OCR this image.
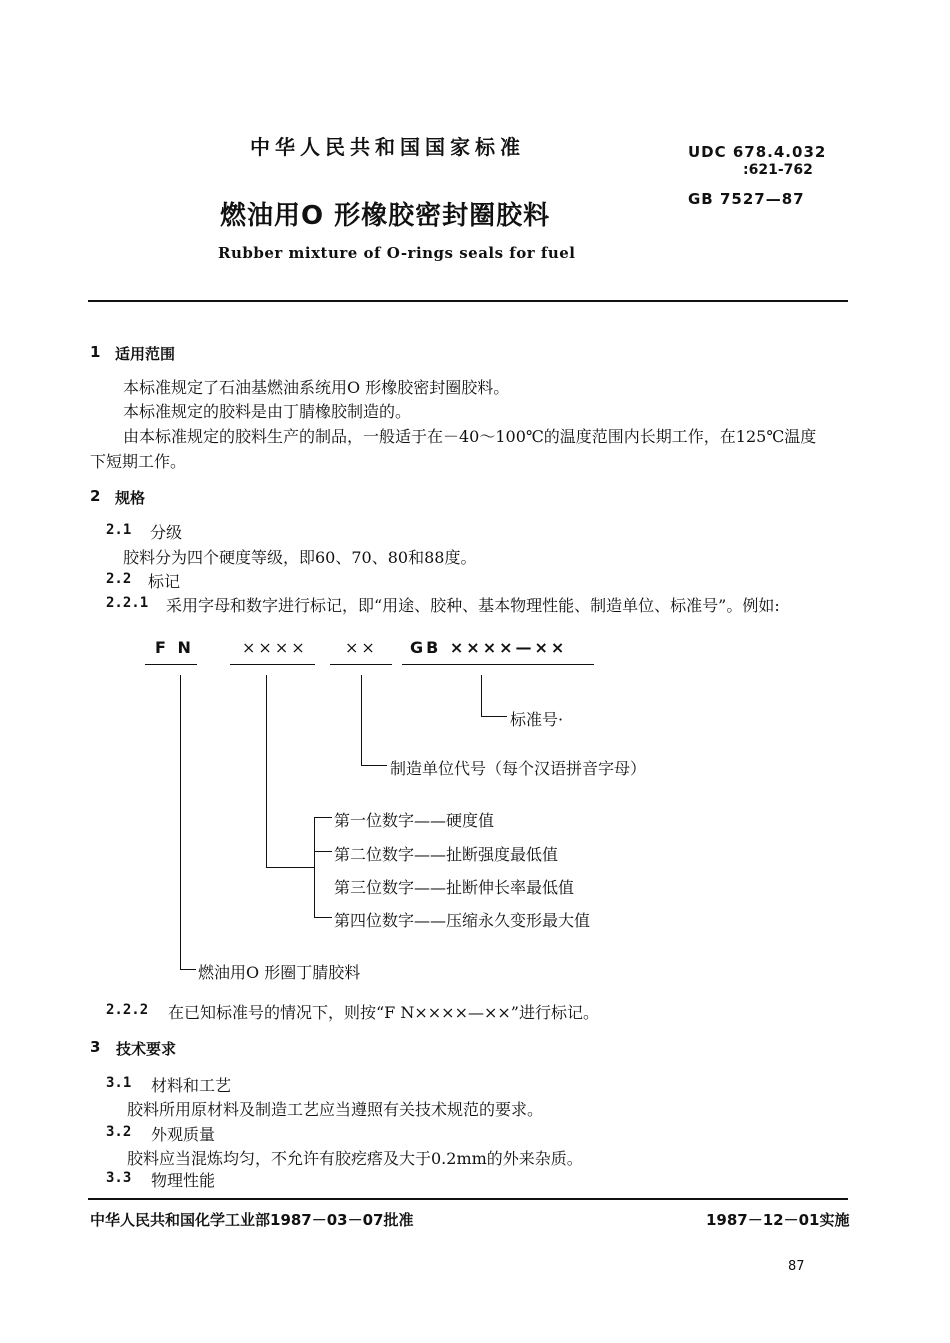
中华人民共和国国家标准	UDC 678.4.032
:621-762
GB 7527—87
燃油用O 形橡胶密封圈胶料
Rubber mixture of O-rings seals for fuel
1 适用范围
本标准规定了石油基燃油系统用O 形橡胶密封圈胶料。
本标准规定的胶料是由丁腈橡胶制造的。
由本标准规定的胶料生产的制品，一般适于在－40～100℃的温度范围内长期工作，在125℃温度
下短期工作。
2 规格
2.1 分级
胶料分为四个硬度等级，即60、70、80和88度。
2.2 标记
2.2.1 采用字母和数字进行标记，即“用途、胶种、基本物理性能、制造单位、标准号”。例如:
F N	×××× ×× GB ××××—××
标准号·
制造单位代号（每个汉语拼音字母）
第一位数字——硬度值
第二位数字——扯断强度最低值
第三位数字——扯断伸长率最低值
第四位数字——压缩永久变形最大值
燃油用O 形圈丁腈胶料
2.2.2 在已知标准号的情况下，则按“F N××××—××”进行标记。
3 技术要求
3.1 材料和工艺
胶料所用原材料及制造工艺应当遵照有关技术规范的要求。
3.2 外观质量
胶料应当混炼均匀，不允许有胶疙瘩及大于0.2mm的外来杂质。
3.3 物理性能
中华人民共和国化学工业部1987－03－07批准	1987－12－01实施
87
